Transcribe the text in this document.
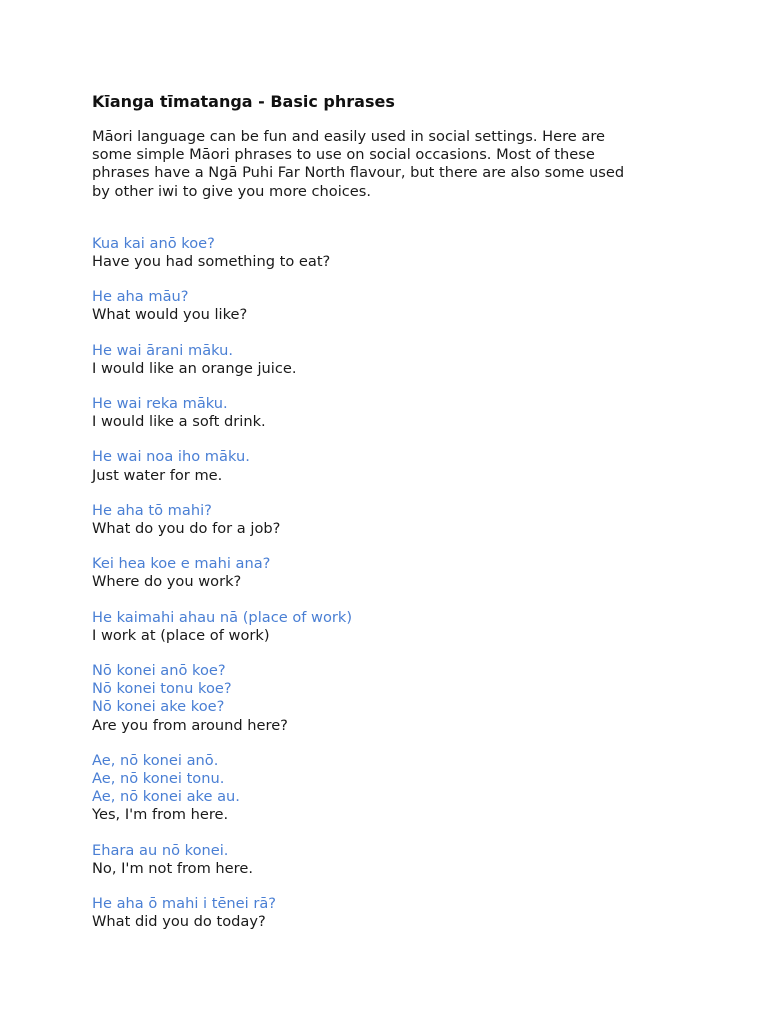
Kīanga tīmatanga - Basic phrases
Māori language can be fun and easily used in social settings. Here are
some simple Māori phrases to use on social occasions. Most of these
phrases have a Ngā Puhi Far North flavour, but there are also some used
by other iwi to give you more choices.
Kua kai anō koe?
Have you had something to eat?
He aha māu?
What would you like?
He wai ārani māku.
I would like an orange juice.
He wai reka māku.
I would like a soft drink.
He wai noa iho māku.
Just water for me.
He aha tō mahi?
What do you do for a job?
Kei hea koe e mahi ana?
Where do you work?
He kaimahi ahau nā (place of work)
I work at (place of work)
Nō konei anō koe?
Nō konei tonu koe?
Nō konei ake koe?
Are you from around here?
Ae, nō konei anō.
Ae, nō konei tonu.
Ae, nō konei ake au.
Yes, I'm from here.
Ehara au nō konei.
No, I'm not from here.
He aha ō mahi i tēnei rā?
What did you do today?
